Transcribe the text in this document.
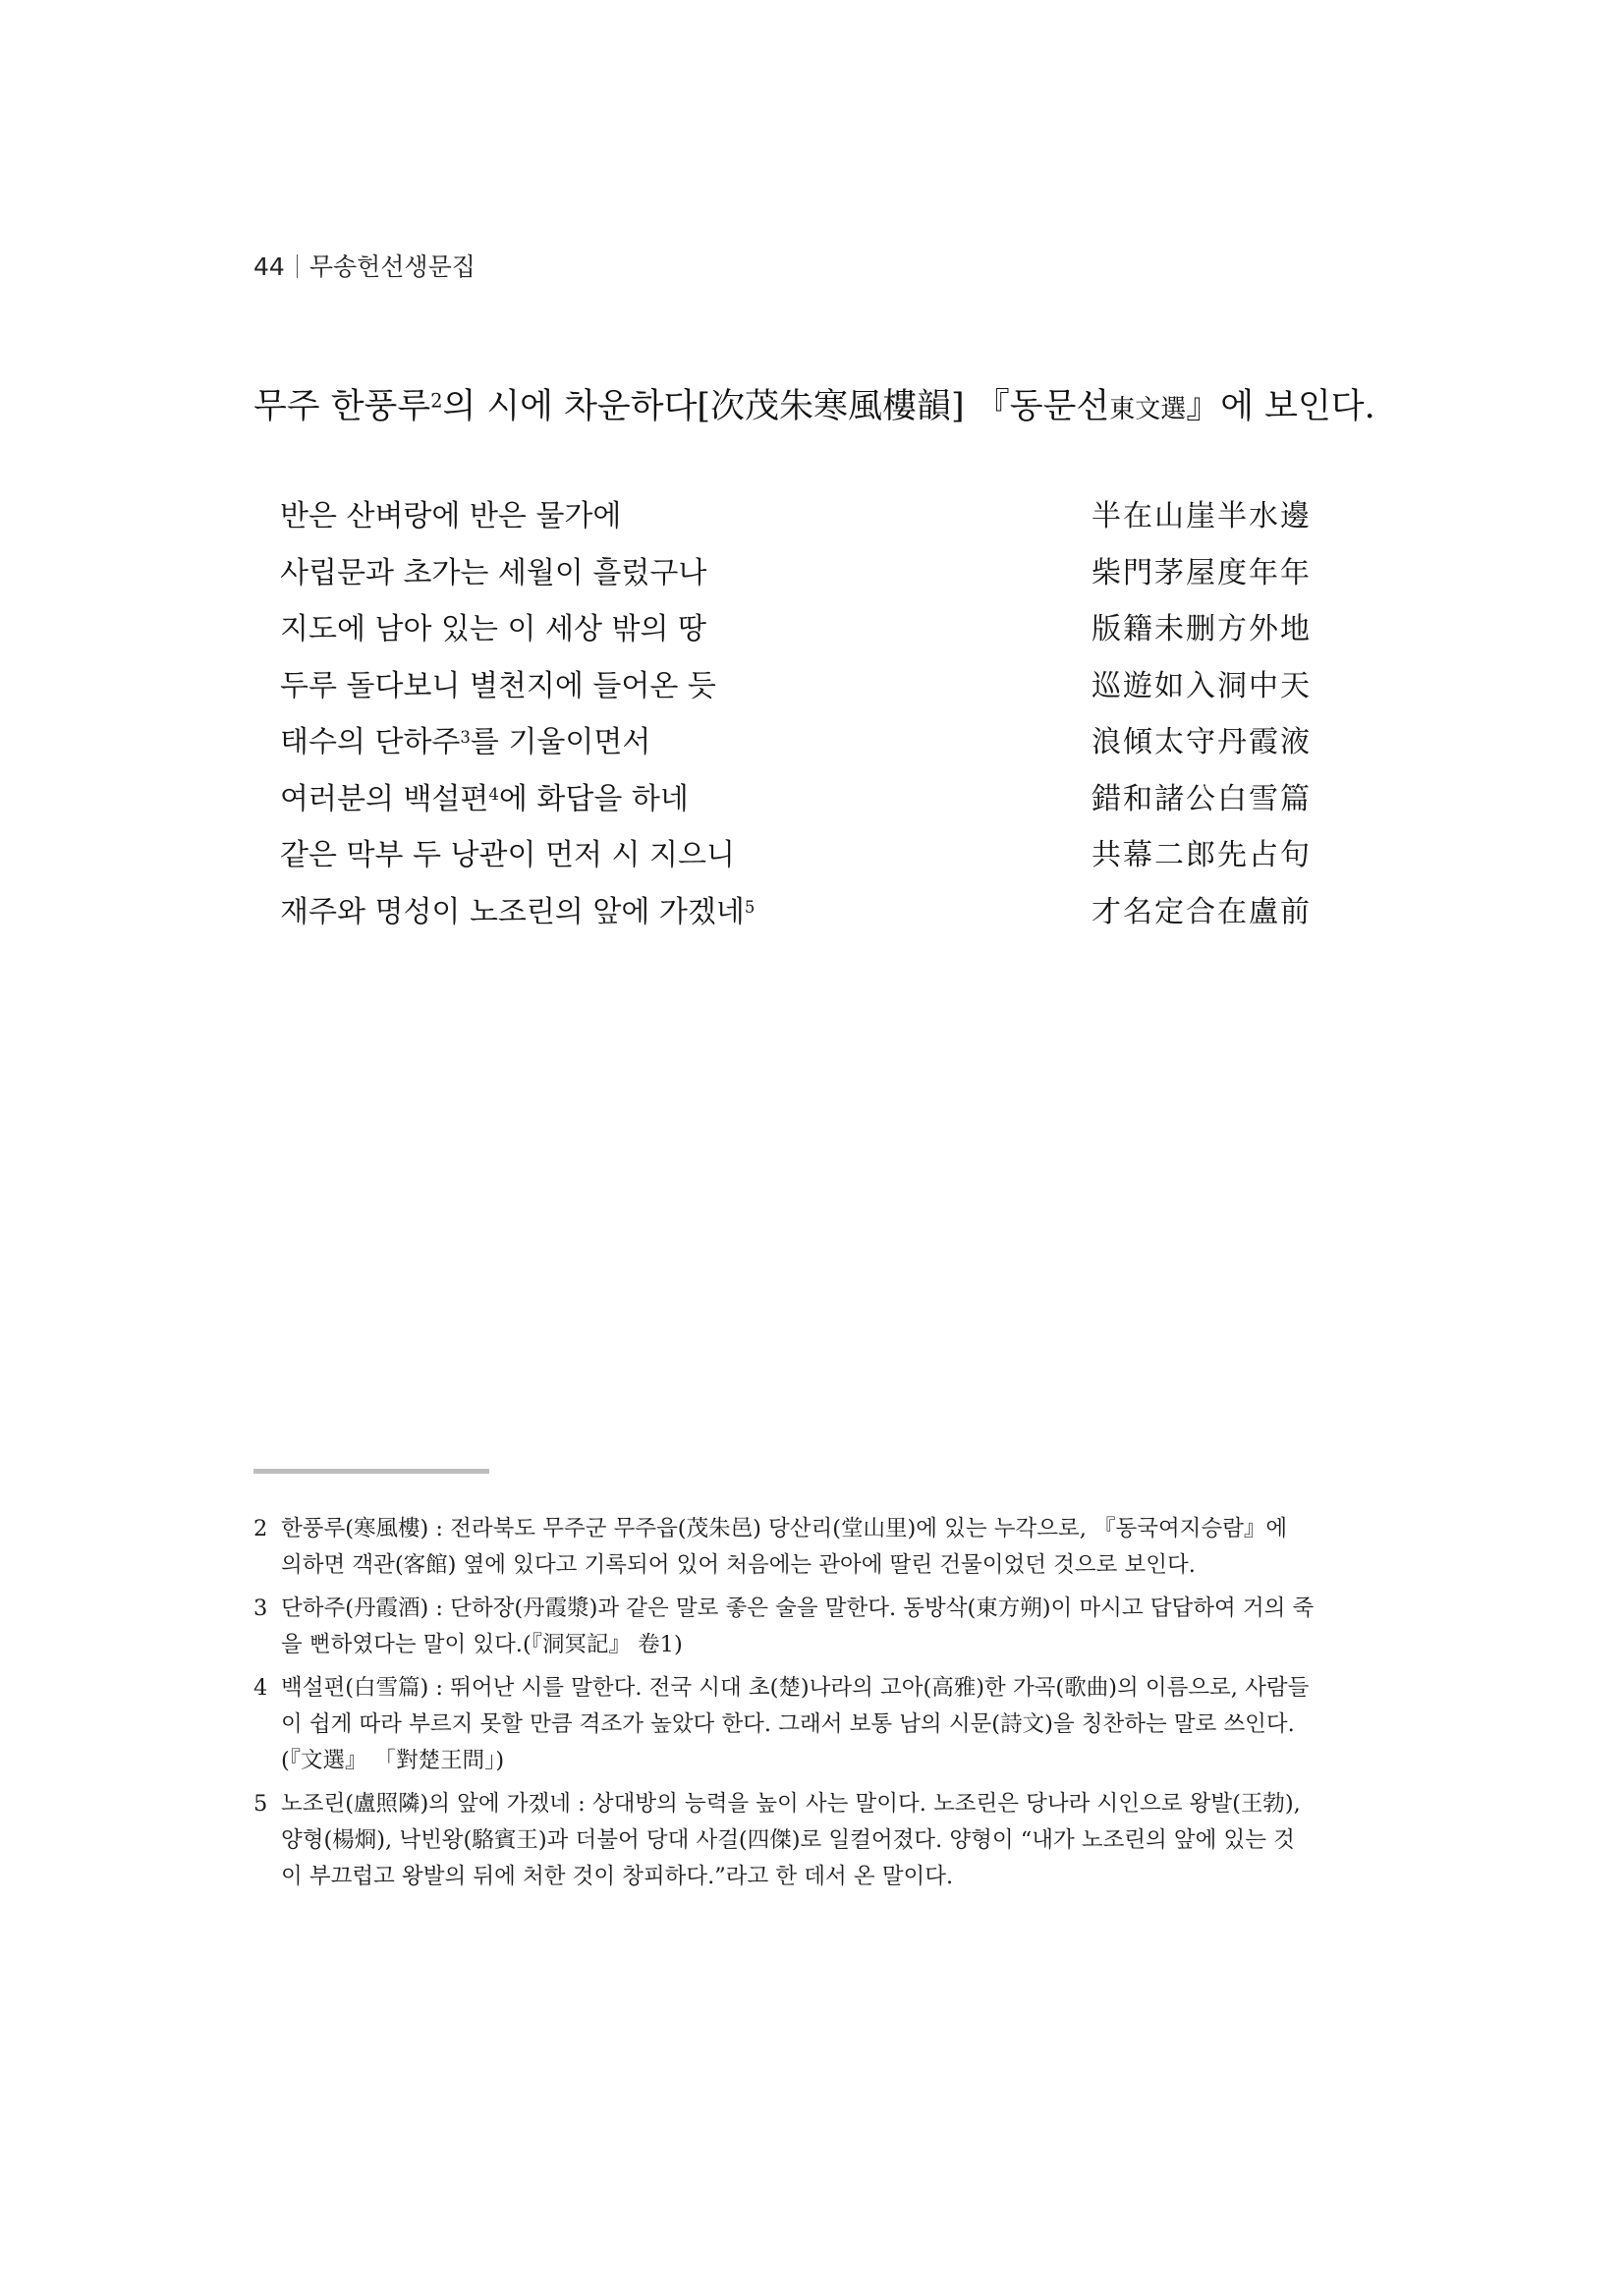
44 무송헌선생문집
무주 한풍루$^2$의 시에 차운하다[次茂朱寒風樓韻] 『동문선東文選』에 보인다.
반은 산벼랑에 반은 물가에	半在山崖半水邊
사립문과 초가는 세월이 흘렀구나	柴門茅屋度年年
지도에 남아 있는 이 세상 밖의 땅	版籍未删方外地
두루 돌다보니 별천지에 들어온 듯	巡遊如入洞中天
태수의 단하주$^3$를 기울이면서	浪傾太守丹霞液
여러분의 백설편$^4$에 화답을 하네	錯和諸公白雪篇
같은 막부 두 낭관이 먼저 시 지으니	共幕二郎先占句
재주와 명성이 노조린의 앞에 가겠네$^5$	才名定合在盧前
2 한풍루(寒風樓) : 전라북도 무주군 무주읍(茂朱邑) 당산리(堂山里)에 있는 누각으로, 『동국여지승람』에 의하면 객관(客館) 옆에 있다고 기록되어 있어 처음에는 관아에 딸린 건물이었던 것으로 보인다.
3 단하주(丹霞酒) : 단하장(丹霞漿)과 같은 말로 좋은 술을 말한다. 동방삭(東方朔)이 마시고 답답하여 거의 죽을 뻔하였다는 말이 있다.(『洞冥記』 卷1)
4 백설편(白雪篇) : 뛰어난 시를 말한다. 전국 시대 초(楚)나라의 고아(高雅)한 가곡(歌曲)의 이름으로, 사람들이 쉽게 따라 부르지 못할 만큼 격조가 높았다 한다. 그래서 보통 남의 시문(詩文)을 칭찬하는 말로 쓰인다.(『文選』 「對楚王問」)
5 노조린(盧照隣)의 앞에 가겠네 : 상대방의 능력을 높이 사는 말이다. 노조린은 당나라 시인으로 왕발(王勃), 양형(楊烱), 낙빈왕(駱賓王)과 더불어 당대 사걸(四傑)로 일컬어졌다. 양형이 “내가 노조린의 앞에 있는 것이 부끄럽고 왕발의 뒤에 처한 것이 창피하다.”라고 한 데서 온 말이다.
